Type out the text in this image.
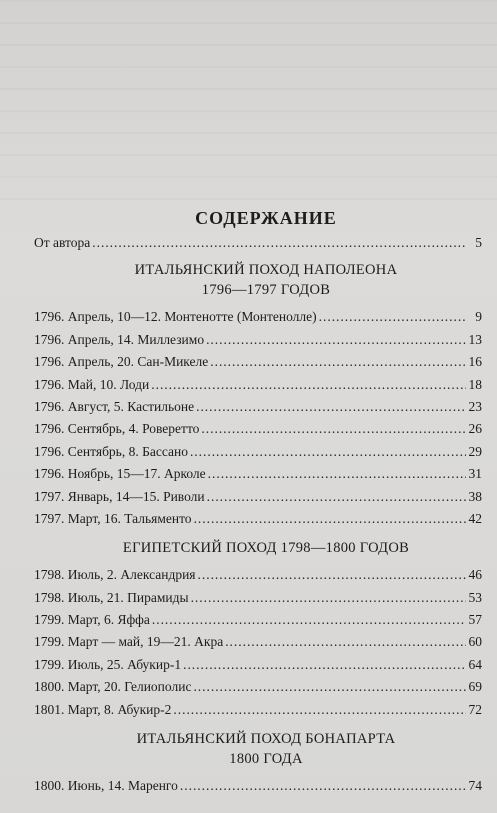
СОДЕРЖАНИЕ
От автора . . .	5
ИТАЛЬЯНСКИЙ ПОХОД НАПОЛЕОНА
1796—1797 ГОДОВ
1796. Апрель, 10—12. Монтенотте (Монтенолле) . . .	9
1796. Апрель, 14. Миллезимо . . .	13
1796. Апрель, 20. Сан-Микеле . . .	16
1796. Май, 10. Лоди . . .	18
1796. Август, 5. Кастильоне . . .	23
1796. Сентябрь, 4. Роверетто . . .	26
1796. Сентябрь, 8. Бассано . . .	29
1796. Ноябрь, 15—17. Арколе . . .	31
1797. Январь, 14—15. Риволи . . .	38
1797. Март, 16. Тальяменто . . .	42
ЕГИПЕТСКИЙ ПОХОД 1798—1800 ГОДОВ
1798. Июль, 2. Александрия . . .	46
1798. Июль, 21. Пирамиды . . .	53
1799. Март, 6. Яффа . . .	57
1799. Март — май, 19—21. Акра . . .	60
1799. Июль, 25. Абукир-1 . . .	64
1800. Март, 20. Гелиополис . . .	69
1801. Март, 8. Абукир-2 . . .	72
ИТАЛЬЯНСКИЙ ПОХОД БОНАПАРТА
1800 ГОДА
1800. Июнь, 14. Маренго . . .	74
